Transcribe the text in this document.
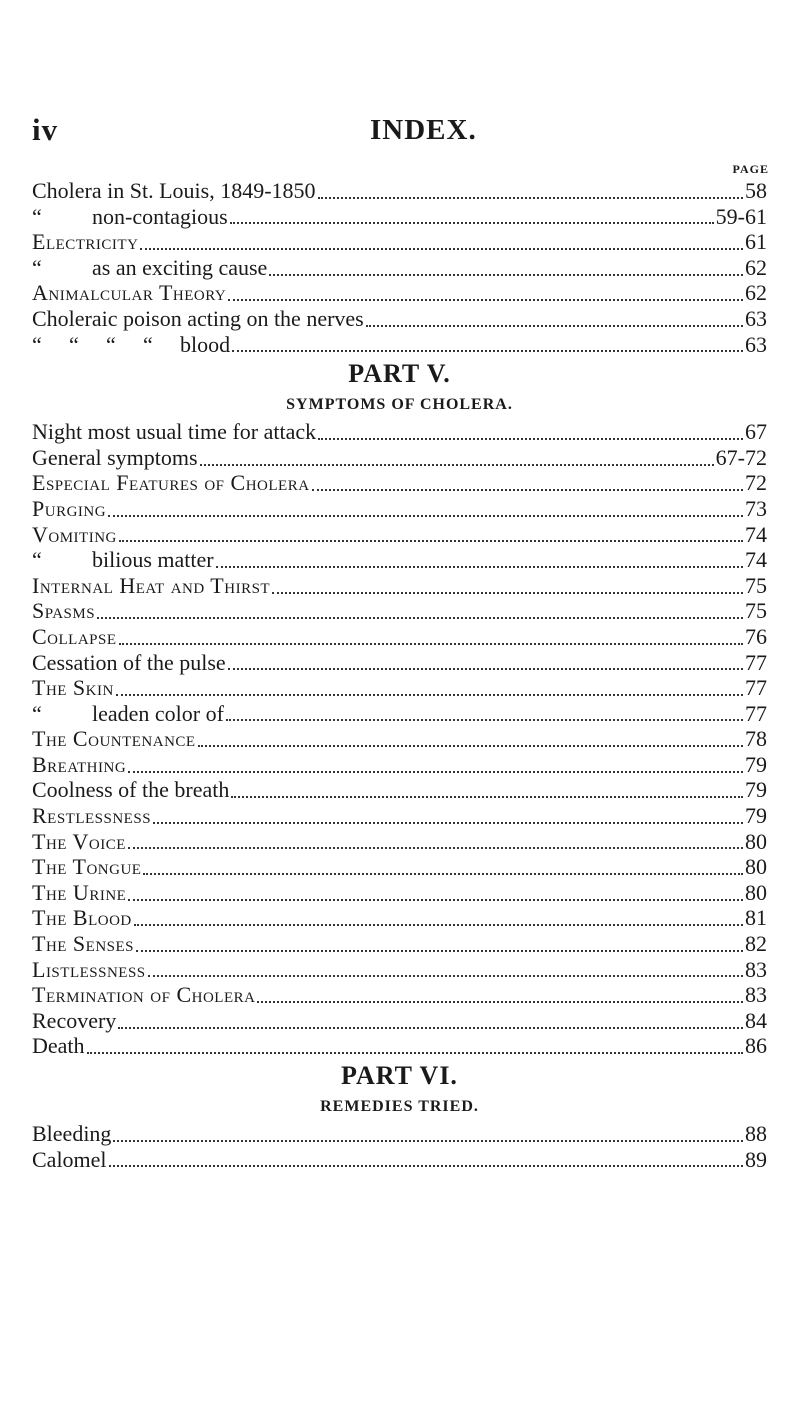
iv	INDEX.
PAGE
Cholera in St. Louis, 1849-1850	58
“ non-contagious	59-61
Electricity	61
“ as an exciting cause	62
Animalcular Theory	62
Choleraic poison acting on the nerves	63
“ “ “ “ blood	63
PART V.
SYMPTOMS OF CHOLERA.
Night most usual time for attack	67
General symptoms	67-72
Especial Features of Cholera	72
Purging	73
Vomiting	74
“ bilious matter	74
Internal Heat and Thirst	75
Spasms	75
Collapse	76
Cessation of the pulse	77
The Skin	77
“ leaden color of	77
The Countenance	78
Breathing	79
Coolness of the breath	79
Restlessness	79
The Voice	80
The Tongue	80
The Urine	80
The Blood	81
The Senses	82
Listlessness	83
Termination of Cholera	83
Recovery	84
Death	86
PART VI.
REMEDIES TRIED.
Bleeding	88
Calomel	89
